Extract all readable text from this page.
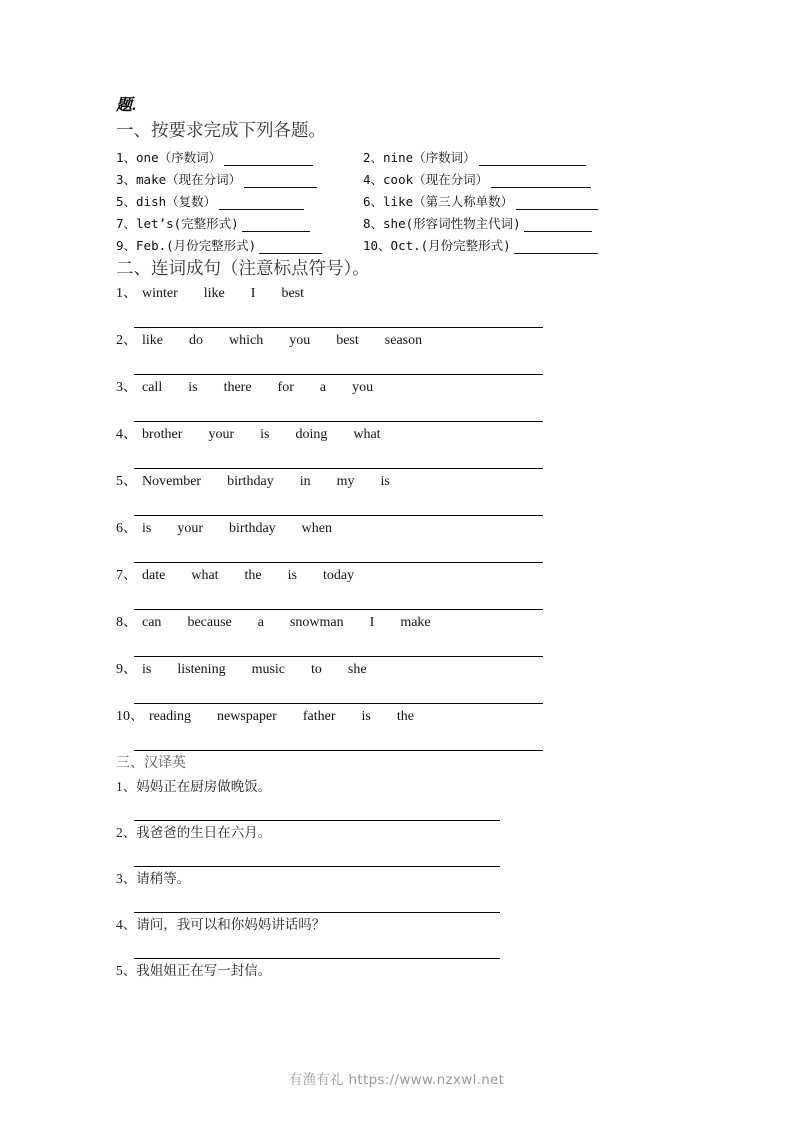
题.
一、按要求完成下列各题。
1、one（序数词）	2、nine（序数词）
3、make（现在分词）	4、cook（现在分词）
5、dish（复数）	6、like（第三人称单数）
7、let’s(完整形式)	8、she(形容词性物主代词)
9、Feb.(月份完整形式)	10、Oct.(月份完整形式)
二、连词成句（注意标点符号）。
1、 winter like I best
2、 like do which you best season
3、 call is there for a you
4、 brother your is doing what
5、 November birthday in my is
6、 is your birthday when
7、 date what the is today
8、 can because a snowman I make
9、 is listening music to she
10、 reading newspaper father is the
三、汉译英
1、妈妈正在厨房做晚饭。
2、我爸爸的生日在六月。
3、请稍等。
4、请问，我可以和你妈妈讲话吗？
5、我姐姐正在写一封信。
有渔有礼 https://www.nzxwl.net
